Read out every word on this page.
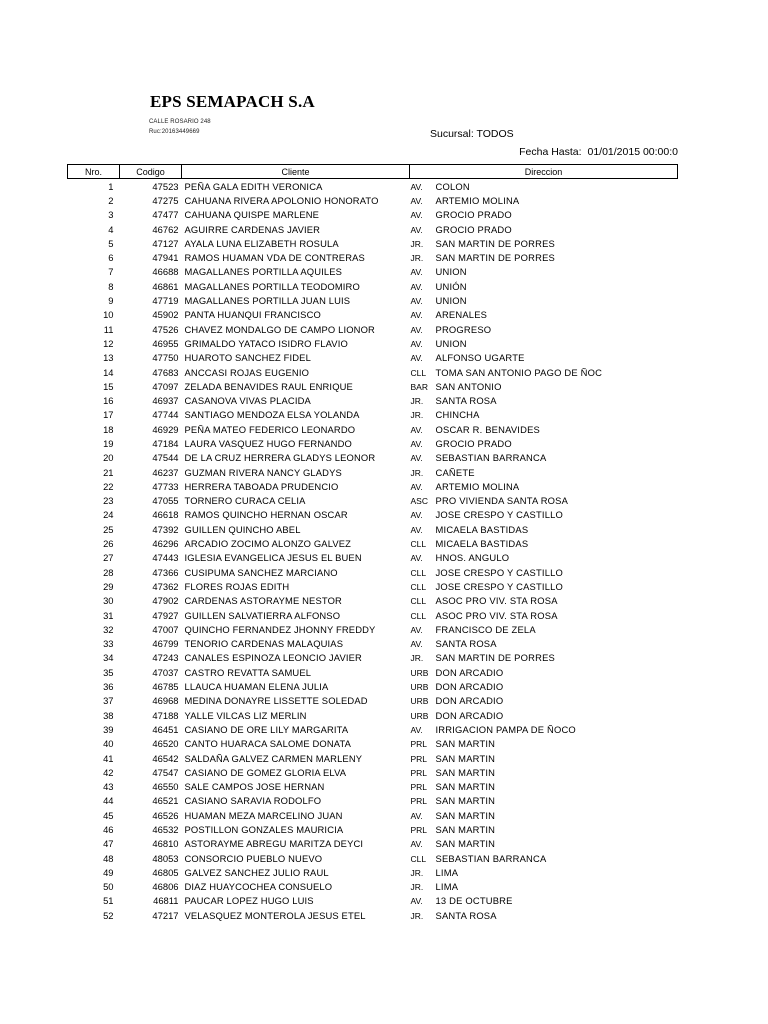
EPS SEMAPACH S.A
CALLE ROSARIO 248
Ruc:20163449669	Sucursal: TODOS
Fecha Hasta: 01/01/2015 00:00:0
Nro.	Codigo	Cliente	Direccion
1	47523	PEÑA GALA EDITH VERONICA	AV. COLON
2	47275	CAHUANA RIVERA APOLONIO HONORATO	AV. ARTEMIO MOLINA
3	47477	CAHUANA QUISPE MARLENE	AV. GROCIO PRADO
4	46762	AGUIRRE CARDENAS JAVIER	AV. GROCIO PRADO
5	47127	AYALA LUNA ELIZABETH ROSULA	JR. SAN MARTIN DE PORRES
6	47941	RAMOS HUAMAN VDA DE CONTRERAS	JR. SAN MARTIN DE PORRES
7	46688	MAGALLANES PORTILLA AQUILES	AV. UNION
8	46861	MAGALLANES PORTILLA TEODOMIRO	AV. UNIÓN
9	47719	MAGALLANES PORTILLA JUAN LUIS	AV. UNION
10	45902	PANTA HUANQUI FRANCISCO	AV. ARENALES
11	47526	CHAVEZ MONDALGO DE CAMPO LIONOR	AV. PROGRESO
12	46955	GRIMALDO YATACO ISIDRO FLAVIO	AV. UNION
13	47750	HUAROTO SANCHEZ FIDEL	AV. ALFONSO UGARTE
14	47683	ANCCASI ROJAS EUGENIO	CLL TOMA SAN ANTONIO PAGO DE ÑOC
15	47097	ZELADA BENAVIDES RAUL ENRIQUE	BAR SAN ANTONIO
16	46937	CASANOVA VIVAS PLACIDA	JR. SANTA ROSA
17	47744	SANTIAGO MENDOZA ELSA YOLANDA	JR. CHINCHA
18	46929	PEÑA MATEO FEDERICO LEONARDO	AV. OSCAR R. BENAVIDES
19	47184	LAURA VASQUEZ HUGO FERNANDO	AV. GROCIO PRADO
20	47544	DE LA CRUZ HERRERA GLADYS LEONOR	AV. SEBASTIAN BARRANCA
21	46237	GUZMAN RIVERA NANCY GLADYS	JR. CAÑETE
22	47733	HERRERA TABOADA PRUDENCIO	AV. ARTEMIO MOLINA
23	47055	TORNERO CURACA CELIA	ASC PRO VIVIENDA SANTA ROSA
24	46618	RAMOS QUINCHO HERNAN OSCAR	AV. JOSE CRESPO Y CASTILLO
25	47392	GUILLEN QUINCHO ABEL	AV. MICAELA BASTIDAS
26	46296	ARCADIO ZOCIMO ALONZO GALVEZ	CLL MICAELA BASTIDAS
27	47443	IGLESIA EVANGELICA JESUS EL BUEN	AV. HNOS. ANGULO
28	47366	CUSIPUMA SANCHEZ MARCIANO	CLL JOSE CRESPO Y CASTILLO
29	47362	FLORES ROJAS EDITH	CLL JOSE CRESPO Y CASTILLO
30	47902	CARDENAS ASTORAYME NESTOR	CLL ASOC PRO VIV. STA ROSA
31	47927	GUILLEN SALVATIERRA ALFONSO	CLL ASOC PRO VIV. STA ROSA
32	47007	QUINCHO FERNANDEZ JHONNY FREDDY	AV. FRANCISCO DE ZELA
33	46799	TENORIO CARDENAS MALAQUIAS	AV. SANTA ROSA
34	47243	CANALES ESPINOZA LEONCIO JAVIER	JR. SAN MARTIN DE PORRES
35	47037	CASTRO REVATTA SAMUEL	URB DON ARCADIO
36	46785	LLAUCA HUAMAN ELENA JULIA	URB DON ARCADIO
37	46968	MEDINA DONAYRE LISSETTE SOLEDAD	URB DON ARCADIO
38	47188	YALLE VILCAS LIZ MERLIN	URB DON ARCADIO
39	46451	CASIANO DE ORE LILY MARGARITA	AV. IRRIGACION PAMPA DE ÑOCO
40	46520	CANTO HUARACA SALOME DONATA	PRL SAN MARTIN
41	46542	SALDAÑA GALVEZ CARMEN MARLENY	PRL SAN MARTIN
42	47547	CASIANO DE GOMEZ GLORIA ELVA	PRL SAN MARTIN
43	46550	SALE CAMPOS JOSE HERNAN	PRL SAN MARTIN
44	46521	CASIANO SARAVIA RODOLFO	PRL SAN MARTIN
45	46526	HUAMAN MEZA MARCELINO JUAN	AV. SAN MARTIN
46	46532	POSTILLON GONZALES MAURICIA	PRL SAN MARTIN
47	46810	ASTORAYME ABREGU MARITZA DEYCI	AV. SAN MARTIN
48	48053	CONSORCIO PUEBLO NUEVO	CLL SEBASTIAN BARRANCA
49	46805	GALVEZ SANCHEZ JULIO RAUL	JR. LIMA
50	46806	DIAZ HUAYCOCHEA CONSUELO	JR. LIMA
51	46811	PAUCAR LOPEZ HUGO LUIS	AV. 13 DE OCTUBRE
52	47217	VELASQUEZ MONTEROLA JESUS ETEL	JR. SANTA ROSA
